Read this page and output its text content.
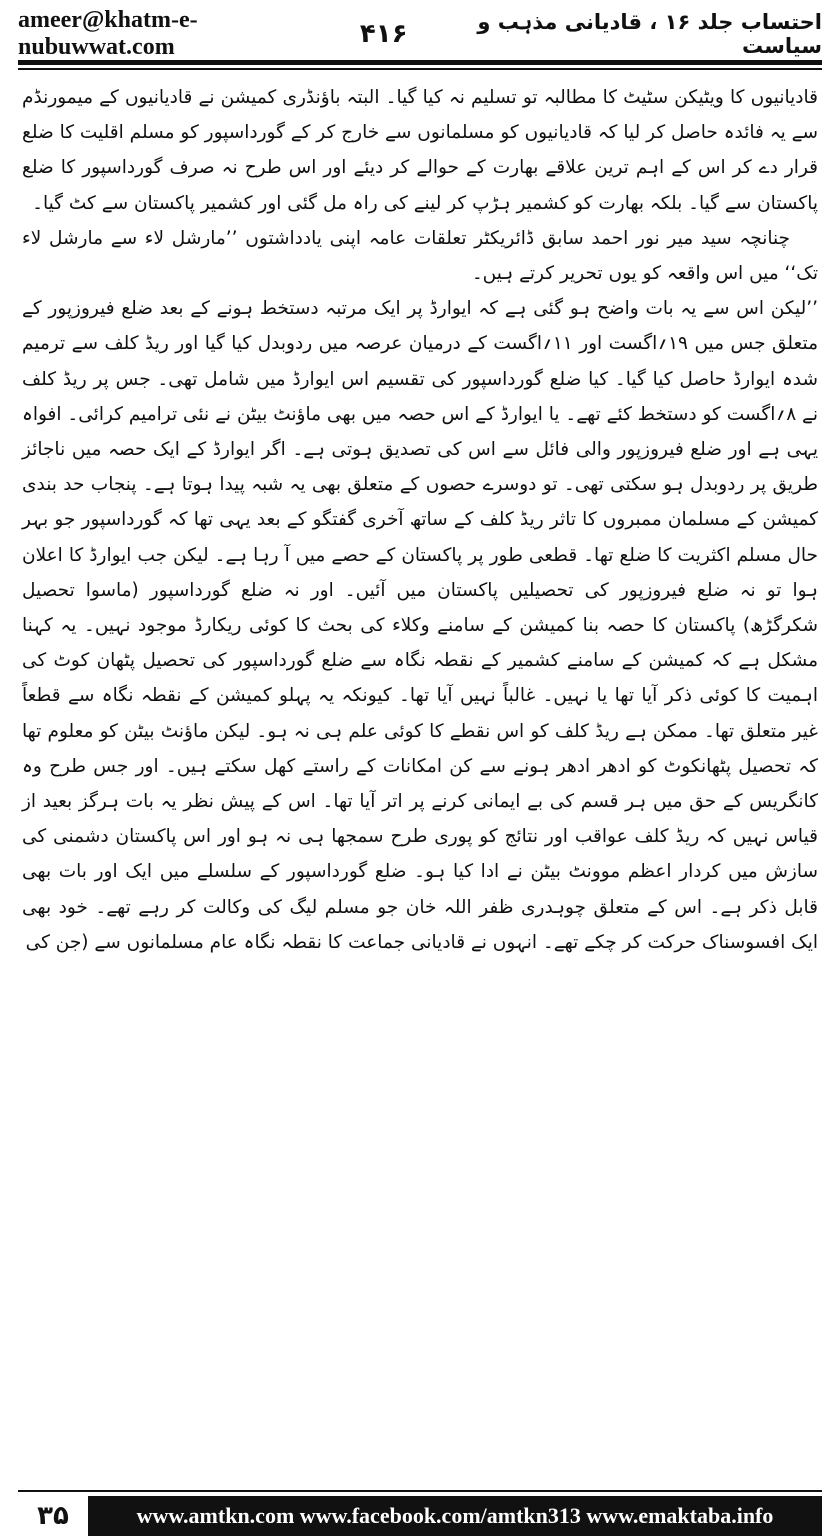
ameer@khatm-e-nubuwwat.com	۴۱۶	احتساب جلد ۱۶ ، قادیانی مذہب و سیاست

قادیانیوں کا ویٹیکن سٹیٹ کا مطالبہ تو تسلیم نہ کیا گیا۔ البتہ باؤنڈری کمیشن نے قادیانیوں کے میمورنڈم سے یہ فائدہ حاصل کر لیا کہ قادیانیوں کو مسلمانوں سے خارج کر کے گورداسپور کو مسلم اقلیت کا ضلع قرار دے کر اس کے اہم ترین علاقے بھارت کے حوالے کر دیئے اور اس طرح نہ صرف گورداسپور کا ضلع پاکستان سے گیا۔ بلکہ بھارت کو کشمیر ہڑپ کر لینے کی راہ مل گئی اور کشمیر پاکستان سے کٹ گیا۔

چنانچہ سید میر نور احمد سابق ڈائریکٹر تعلقات عامہ اپنی یادداشتوں ’’مارشل لاء سے مارشل لاء تک‘‘ میں اس واقعہ کو یوں تحریر کرتے ہیں۔

’’لیکن اس سے یہ بات واضح ہو گئی ہے کہ ایوارڈ پر ایک مرتبہ دستخط ہونے کے بعد ضلع فیروزپور کے متعلق جس میں ۱۹؍اگست اور ۱۱؍اگست کے درمیان عرصہ میں ردوبدل کیا گیا اور ریڈ کلف سے ترمیم شدہ ایوارڈ حاصل کیا گیا۔ کیا ضلع گورداسپور کی تقسیم اس ایوارڈ میں شامل تھی۔ جس پر ریڈ کلف نے ۸؍اگست کو دستخط کئے تھے۔ یا ایوارڈ کے اس حصہ میں بھی ماؤنٹ بیٹن نے نئی ترامیم کرائی۔ افواہ یہی ہے اور ضلع فیروزپور والی فائل سے اس کی تصدیق ہوتی ہے۔ اگر ایوارڈ کے ایک حصہ میں ناجائز طریق پر ردوبدل ہو سکتی تھی۔ تو دوسرے حصوں کے متعلق بھی یہ شبہ پیدا ہوتا ہے۔ پنجاب حد بندی کمیشن کے مسلمان ممبروں کا تاثر ریڈ کلف کے ساتھ آخری گفتگو کے بعد یہی تھا کہ گورداسپور جو بہر حال مسلم اکثریت کا ضلع تھا۔ قطعی طور پر پاکستان کے حصے میں آ رہا ہے۔ لیکن جب ایوارڈ کا اعلان ہوا تو نہ ضلع فیروزپور کی تحصیلیں پاکستان میں آئیں۔ اور نہ ضلع گورداسپور (ماسوا تحصیل شکرگڑھ) پاکستان کا حصہ بنا کمیشن کے سامنے وکلاء کی بحث کا کوئی ریکارڈ موجود نہیں۔ یہ کہنا مشکل ہے کہ کمیشن کے سامنے کشمیر کے نقطہ نگاہ سے ضلع گورداسپور کی تحصیل پٹھان کوٹ کی اہمیت کا کوئی ذکر آیا تھا یا نہیں۔ غالباً نہیں آیا تھا۔ کیونکہ یہ پہلو کمیشن کے نقطہ نگاہ سے قطعاً غیر متعلق تھا۔ ممکن ہے ریڈ کلف کو اس نقطے کا کوئی علم ہی نہ ہو۔ لیکن ماؤنٹ بیٹن کو معلوم تھا کہ تحصیل پٹھانکوٹ کو ادھر ادھر ہونے سے کن امکانات کے راستے کھل سکتے ہیں۔ اور جس طرح وہ کانگریس کے حق میں ہر قسم کی بے ایمانی کرنے پر اتر آیا تھا۔ اس کے پیش نظر یہ بات ہرگز بعید از قیاس نہیں کہ ریڈ کلف عواقب اور نتائج کو پوری طرح سمجھا ہی نہ ہو اور اس پاکستان دشمنی کی سازش میں کردار اعظم موونٹ بیٹن نے ادا کیا ہو۔ ضلع گورداسپور کے سلسلے میں ایک اور بات بھی قابل ذکر ہے۔ اس کے متعلق چوہدری ظفر اللہ خان جو مسلم لیگ کی وکالت کر رہے تھے۔ خود بھی ایک افسوسناک حرکت کر چکے تھے۔ انہوں نے قادیانی جماعت کا نقطہ نگاہ عام مسلمانوں سے (جن کی

۳۵	www.amtkn.com www.facebook.com/amtkn313 www.emaktaba.info
